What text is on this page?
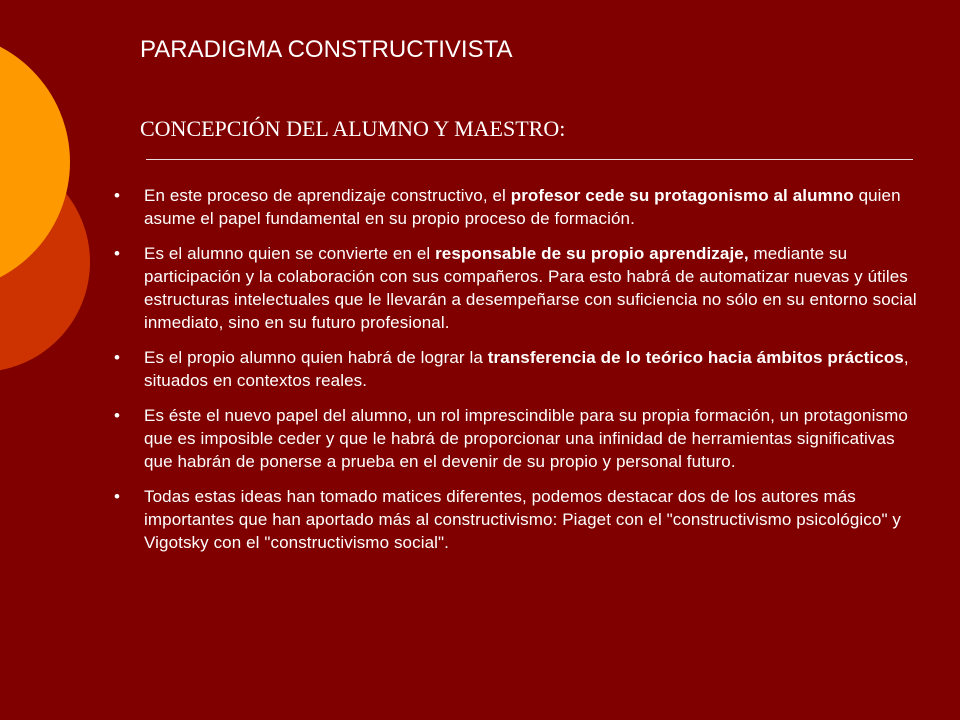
PARADIGMA CONSTRUCTIVISTA
CONCEPCIÓN DEL ALUMNO Y MAESTRO:
• En este proceso de aprendizaje constructivo, el profesor cede su protagonismo al alumno quien asume el papel fundamental en su propio proceso de formación.
• Es el alumno quien se convierte en el responsable de su propio aprendizaje, mediante su participación y la colaboración con sus compañeros. Para esto habrá de automatizar nuevas y útiles estructuras intelectuales que le llevarán a desempeñarse con suficiencia no sólo en su entorno social inmediato, sino en su futuro profesional.
• Es el propio alumno quien habrá de lograr la transferencia de lo teórico hacia ámbitos prácticos, situados en contextos reales.
• Es éste el nuevo papel del alumno, un rol imprescindible para su propia formación, un protagonismo que es imposible ceder y que le habrá de proporcionar una infinidad de herramientas significativas que habrán de ponerse a prueba en el devenir de su propio y personal futuro.
• Todas estas ideas han tomado matices diferentes, podemos destacar dos de los autores más importantes que han aportado más al constructivismo: Piaget con el "constructivismo psicológico" y Vigotsky con el "constructivismo social".
